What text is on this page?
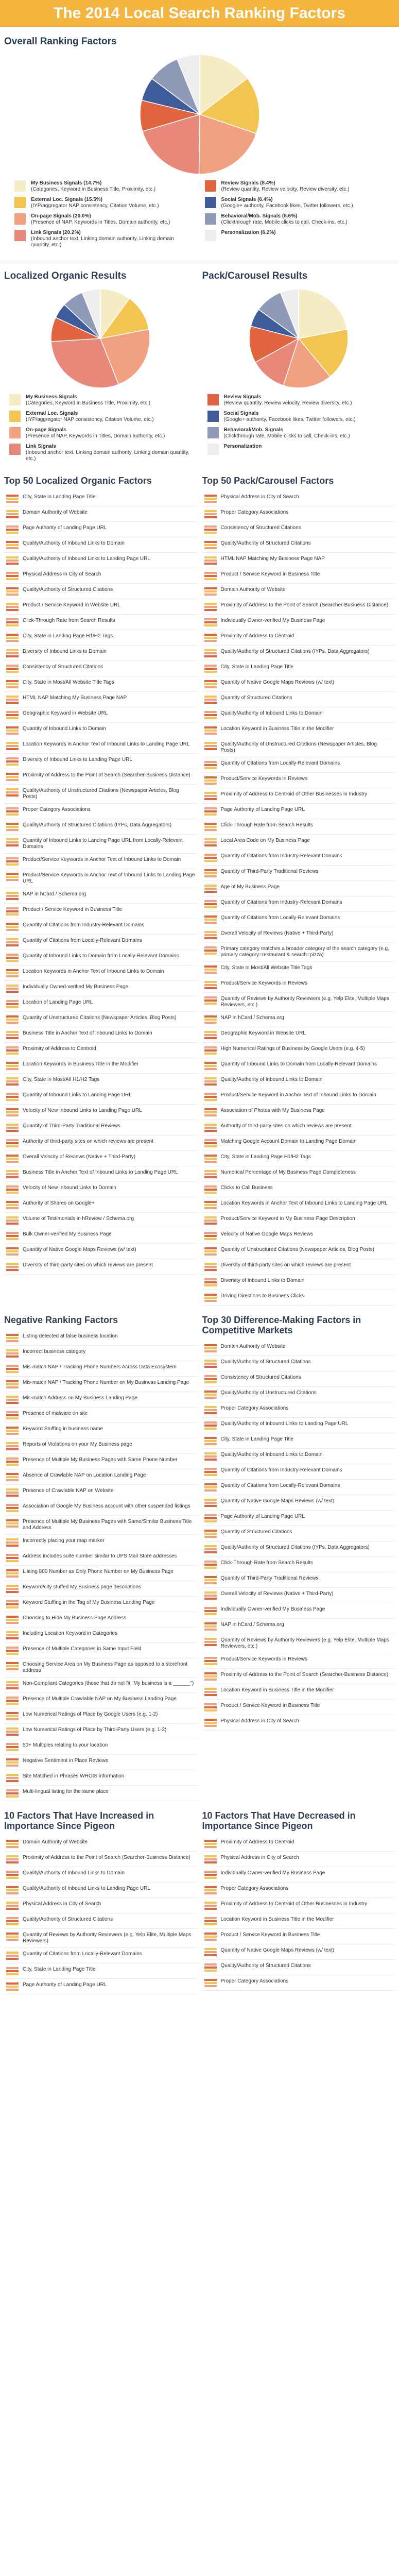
The 2014 Local Search Ranking Factors
Overall Ranking Factors
My Business Signals (14.7%)
(Categories, Keyword in Business Title, Proximity, etc.)
Review Signals (8.4%)
(Review quantity, Review velocity, Review diversity, etc.)
External Loc. Signals (15.5%)
(IYP/aggregator NAP consistency, Citation Volume, etc.)
Social Signals (6.4%)
(Google+ authority, Facebook likes, Twitter followers, etc.)
On-page Signals (20.0%)
(Presence of NAP, Keywords in Titles, Domain authority, etc.)
Behavioral/Mob. Signals (8.6%)
(Clickthrough rate, Mobile clicks to call, Check-ins, etc.)
Link Signals (20.2%)
(Inbound anchor text, Linking domain authority, Linking domain quantity, etc.)
Personalization (6.2%)
Localized Organic Results
My Business Signals
(Categories, Keyword in Business Title, Proximity, etc.)
External Loc. Signals
(IYP/aggregator NAP consistency, Citation Volume, etc.)
On-page Signals
(Presence of NAP, Keywords in Titles, Domain authority, etc.)
Link Signals
(Inbound anchor text, Linking domain authority, Linking domain quantity, etc.)
Pack/Carousel Results
Review Signals
(Review quantity, Review velocity, Review diversity, etc.)
Social Signals
(Google+ authority, Facebook likes, Twitter followers, etc.)
Behavioral/Mob. Signals
(Clickthrough rate, Mobile clicks to call, Check-ins, etc.)
Personalization
Top 50 Localized Organic Factors
City, State in Landing Page Title
Domain Authority of Website
Page Authority of Landing Page URL
Quality/Authority of Inbound Links to Domain
Quality/Authority of Inbound Links to Landing Page URL
Physical Address in City of Search
Quality/Authority of Structured Citations
Product / Service Keyword in Website URL
Click-Through Rate from Search Results
City, State in Landing Page H1/H2 Tags
Diversity of Inbound Links to Domain
Consistency of Structured Citations
City, State in Most/All Website Title Tags
HTML NAP Matching My Business Page NAP
Geographic Keyword in Website URL
Quantity of Inbound Links to Domain
Location Keywords in Anchor Text of Inbound Links to Landing Page URL
Diversity of Inbound Links to Landing Page URL
Proximity of Address to the Point of Search (Searcher-Business Distance)
Quality/Authority of Unstructured Citations (Newspaper Articles, Blog Posts)
Proper Category Associations
Quality/Authority of Structured Citations (IYPs, Data Aggregators)
Quantity of Inbound Links to Landing Page URL from Locally-Relevant Domains
Product/Service Keywords in Anchor Text of Inbound Links to Domain
Product/Service Keywords in Anchor Text of Inbound Links to Landing Page URL
NAP in hCard / Schema.org
Product / Service Keyword in Business Title
Quantity of Citations from Industry-Relevant Domains
Quantity of Citations from Locally-Relevant Domains
Quantity of Inbound Links to Domain from Locally-Relevant Domains
Location Keywords in Anchor Text of Inbound Links to Domain
Individually Owned-verified My Business Page
Location of Landing Page URL
Quantity of Unstructured Citations (Newspaper Articles, Blog Posts)
Business Title in Anchor Text of Inbound Links to Domain
Proximity of Address to Centroid
Location Keywords in Business Title in the Modifier
City, State in Most/All H1/H2 Tags
Quantity of Inbound Links to Landing Page URL
Velocity of New Inbound Links to Landing Page URL
Quantity of Third-Party Traditional Reviews
Authority of third-party sites on which reviews are present
Overall Velocity of Reviews (Native + Third-Party)
Business Title in Anchor Text of Inbound Links to Landing Page URL
Velocity of New Inbound Links to Domain
Authority of Shares on Google+
Volume of Testimonials in hReview / Schema.org
Bulk Owner-verified My Business Page
Quantity of Native Google Maps Reviews (w/ text)
Diversity of third-party sites on which reviews are present
Top 50 Pack/Carousel Factors
Physical Address in City of Search
Proper Category Associations
Consistency of Structured Citations
Quality/Authority of Structured Citations
HTML NAP Matching My Business Page NAP
Product / Service Keyword in Business Title
Domain Authority of Website
Proximity of Address to the Point of Search (Searcher-Business Distance)
Individually Owner-verified My Business Page
Proximity of Address to Centroid
Quality/Authority of Structured Citations (IYPs, Data Aggregators)
City, State in Landing Page Title
Quantity of Native Google Maps Reviews (w/ text)
Quantity of Structured Citations
Quality/Authority of Inbound Links to Domain
Location Keyword in Business Title in the Modifier
Quality/Authority of Unstructured Citations (Newspaper Articles, Blog Posts)
Quantity of Citations from Locally-Relevant Domains
Product/Service Keywords in Reviews
Proximity of Address to Centroid of Other Businesses in Industry
Page Authority of Landing Page URL
Click-Through Rate from Search Results
Local Area Code on My Business Page
Quantity of Citations from Industry-Relevant Domains
Quantity of Third-Party Traditional Reviews
Age of My Business Page
Quantity of Citations from Industry-Relevant Domains
Quantity of Citations from Locally-Relevant Domains
Overall Velocity of Reviews (Native + Third-Party)
Primary category matches a broader category of the search category (e.g. primary category=restaurant & search=pizza)
City, State in Most/All Website Title Tags
Product/Service Keywords in Reviews
Quantity of Reviews by Authority Reviewers (e.g. Yelp Elite, Multiple Maps Reviewers, etc.)
NAP in hCard / Schema.org
Geographic Keyword in Website URL
High Numerical Ratings of Business by Google Users (e.g. 4-5)
Quantity of Inbound Links to Domain from Locally-Relevant Domains
Quality/Authority of Inbound Links to Domain
Product/Service Keyword in Anchor Text of Inbound Links to Domain
Association of Photos with My Business Page
Authority of third-party sites on which reviews are present
Matching Google Account Domain to Landing Page Domain
City, State in Landing Page H1/H2 Tags
Numerical Percentage of My Business Page Completeness
Clicks to Call Business
Location Keywords in Anchor Text of Inbound Links to Landing Page URL
Product/Service Keyword in My Business Page Description
Velocity of Native Google Maps Reviews
Quantity of Unstructured Citations (Newspaper Articles, Blog Posts)
Diversity of third-party sites on which reviews are present
Diversity of Inbound Links to Domain
Driving Directions to Business Clicks
Negative Ranking Factors
Listing detected at false business location
Incorrect business category
Mis-match NAP / Tracking Phone Numbers Across Data Ecosystem
Mis-match NAP / Tracking Phone Number on My Business Landing Page
Mis-match Address on My Business Landing Page
Presence of malware on site
Keyword Stuffing in business name
Reports of Violations on your My Business page
Presence of Multiple My Business Pages with Same Phone Number
Absence of Crawlable NAP on Location Landing Page
Presence of Crawlable NAP on Website
Association of Google My Business account with other suspended listings
Presence of Multiple My Business Pages with Same/Similar Business Title and Address
Incorrectly placing your map marker
Address includes suite number similar to UPS Mail Store addresses
Listing 800 Number as Only Phone Number on My Business Page
Keyword/city stuffed My Business page descriptions
Keyword Stuffing in the Tag of My Business Landing Page
Choosing to Hide My Business Page Address
Including Location Keyword in Categories
Presence of Multiple Categories in Same Input Field
Choosing Service Area on My Business Page as opposed to a storefront address
Non-Compliant Categories (those that do not fit "My business is a ______")
Presence of Multiple Crawlable NAP on My Business Landing Page
Low Numerical Ratings of Place by Google Users (e.g. 1-2)
Low Numerical Ratings of Place by Third-Party Users (e.g. 1-2)
50+ Multiples relating to your location
Negative Sentiment in Place Reviews
Site Matched in Phrases WHOIS information
Multi-lingual listing for the same place
Top 30 Difference-Making Factors in Competitive Markets
Domain Authority of Website
Quality/Authority of Structured Citations
Consistency of Structured Citations
Quality/Authority of Unstructured Citations
Proper Category Associations
Quality/Authority of Inbound Links to Landing Page URL
City, State in Landing Page Title
Quality/Authority of Inbound Links to Domain
Quantity of Citations from Industry-Relevant Domains
Quantity of Citations from Locally-Relevant Domains
Quantity of Native Google Maps Reviews (w/ text)
Page Authority of Landing Page URL
Quantity of Structured Citations
Quality/Authority of Structured Citations (IYPs, Data Aggregators)
Click-Through Rate from Search Results
Quantity of Third-Party Traditional Reviews
Overall Velocity of Reviews (Native + Third-Party)
Individually Owner-verified My Business Page
NAP in hCard / Schema.org
Quantity of Reviews by Authority Reviewers (e.g. Yelp Elite, Multiple Maps Reviewers, etc.)
Product/Service Keywords in Reviews
Proximity of Address to the Point of Search (Searcher-Business Distance)
Location Keyword in Business Title in the Modifier
Product / Service Keyword in Business Title
Physical Address in City of Search
10 Factors That Have Increased in Importance Since Pigeon
Domain Authority of Website
Proximity of Address to the Point of Search (Searcher-Business Distance)
Quality/Authority of Inbound Links to Domain
Quality/Authority of Inbound Links to Landing Page URL
Physical Address in City of Search
Quality/Authority of Structured Citations
Quantity of Reviews by Authority Reviewers (e.g. Yelp Elite, Multiple Maps Reviewers)
Quantity of Citations from Locally-Relevant Domains
City, State in Landing Page Title
Page Authority of Landing Page URL
10 Factors That Have Decreased in Importance Since Pigeon
Proximity of Address to Centroid
Physical Address in City of Search
Individually Owner-verified My Business Page
Proper Category Associations
Proximity of Address to Centroid of Other Businesses in Industry
Location Keyword in Business Title in the Modifier
Product / Service Keyword in Business Title
Quantity of Native Google Maps Reviews (w/ text)
Quality/Authority of Structured Citations
Proper Category Associations
